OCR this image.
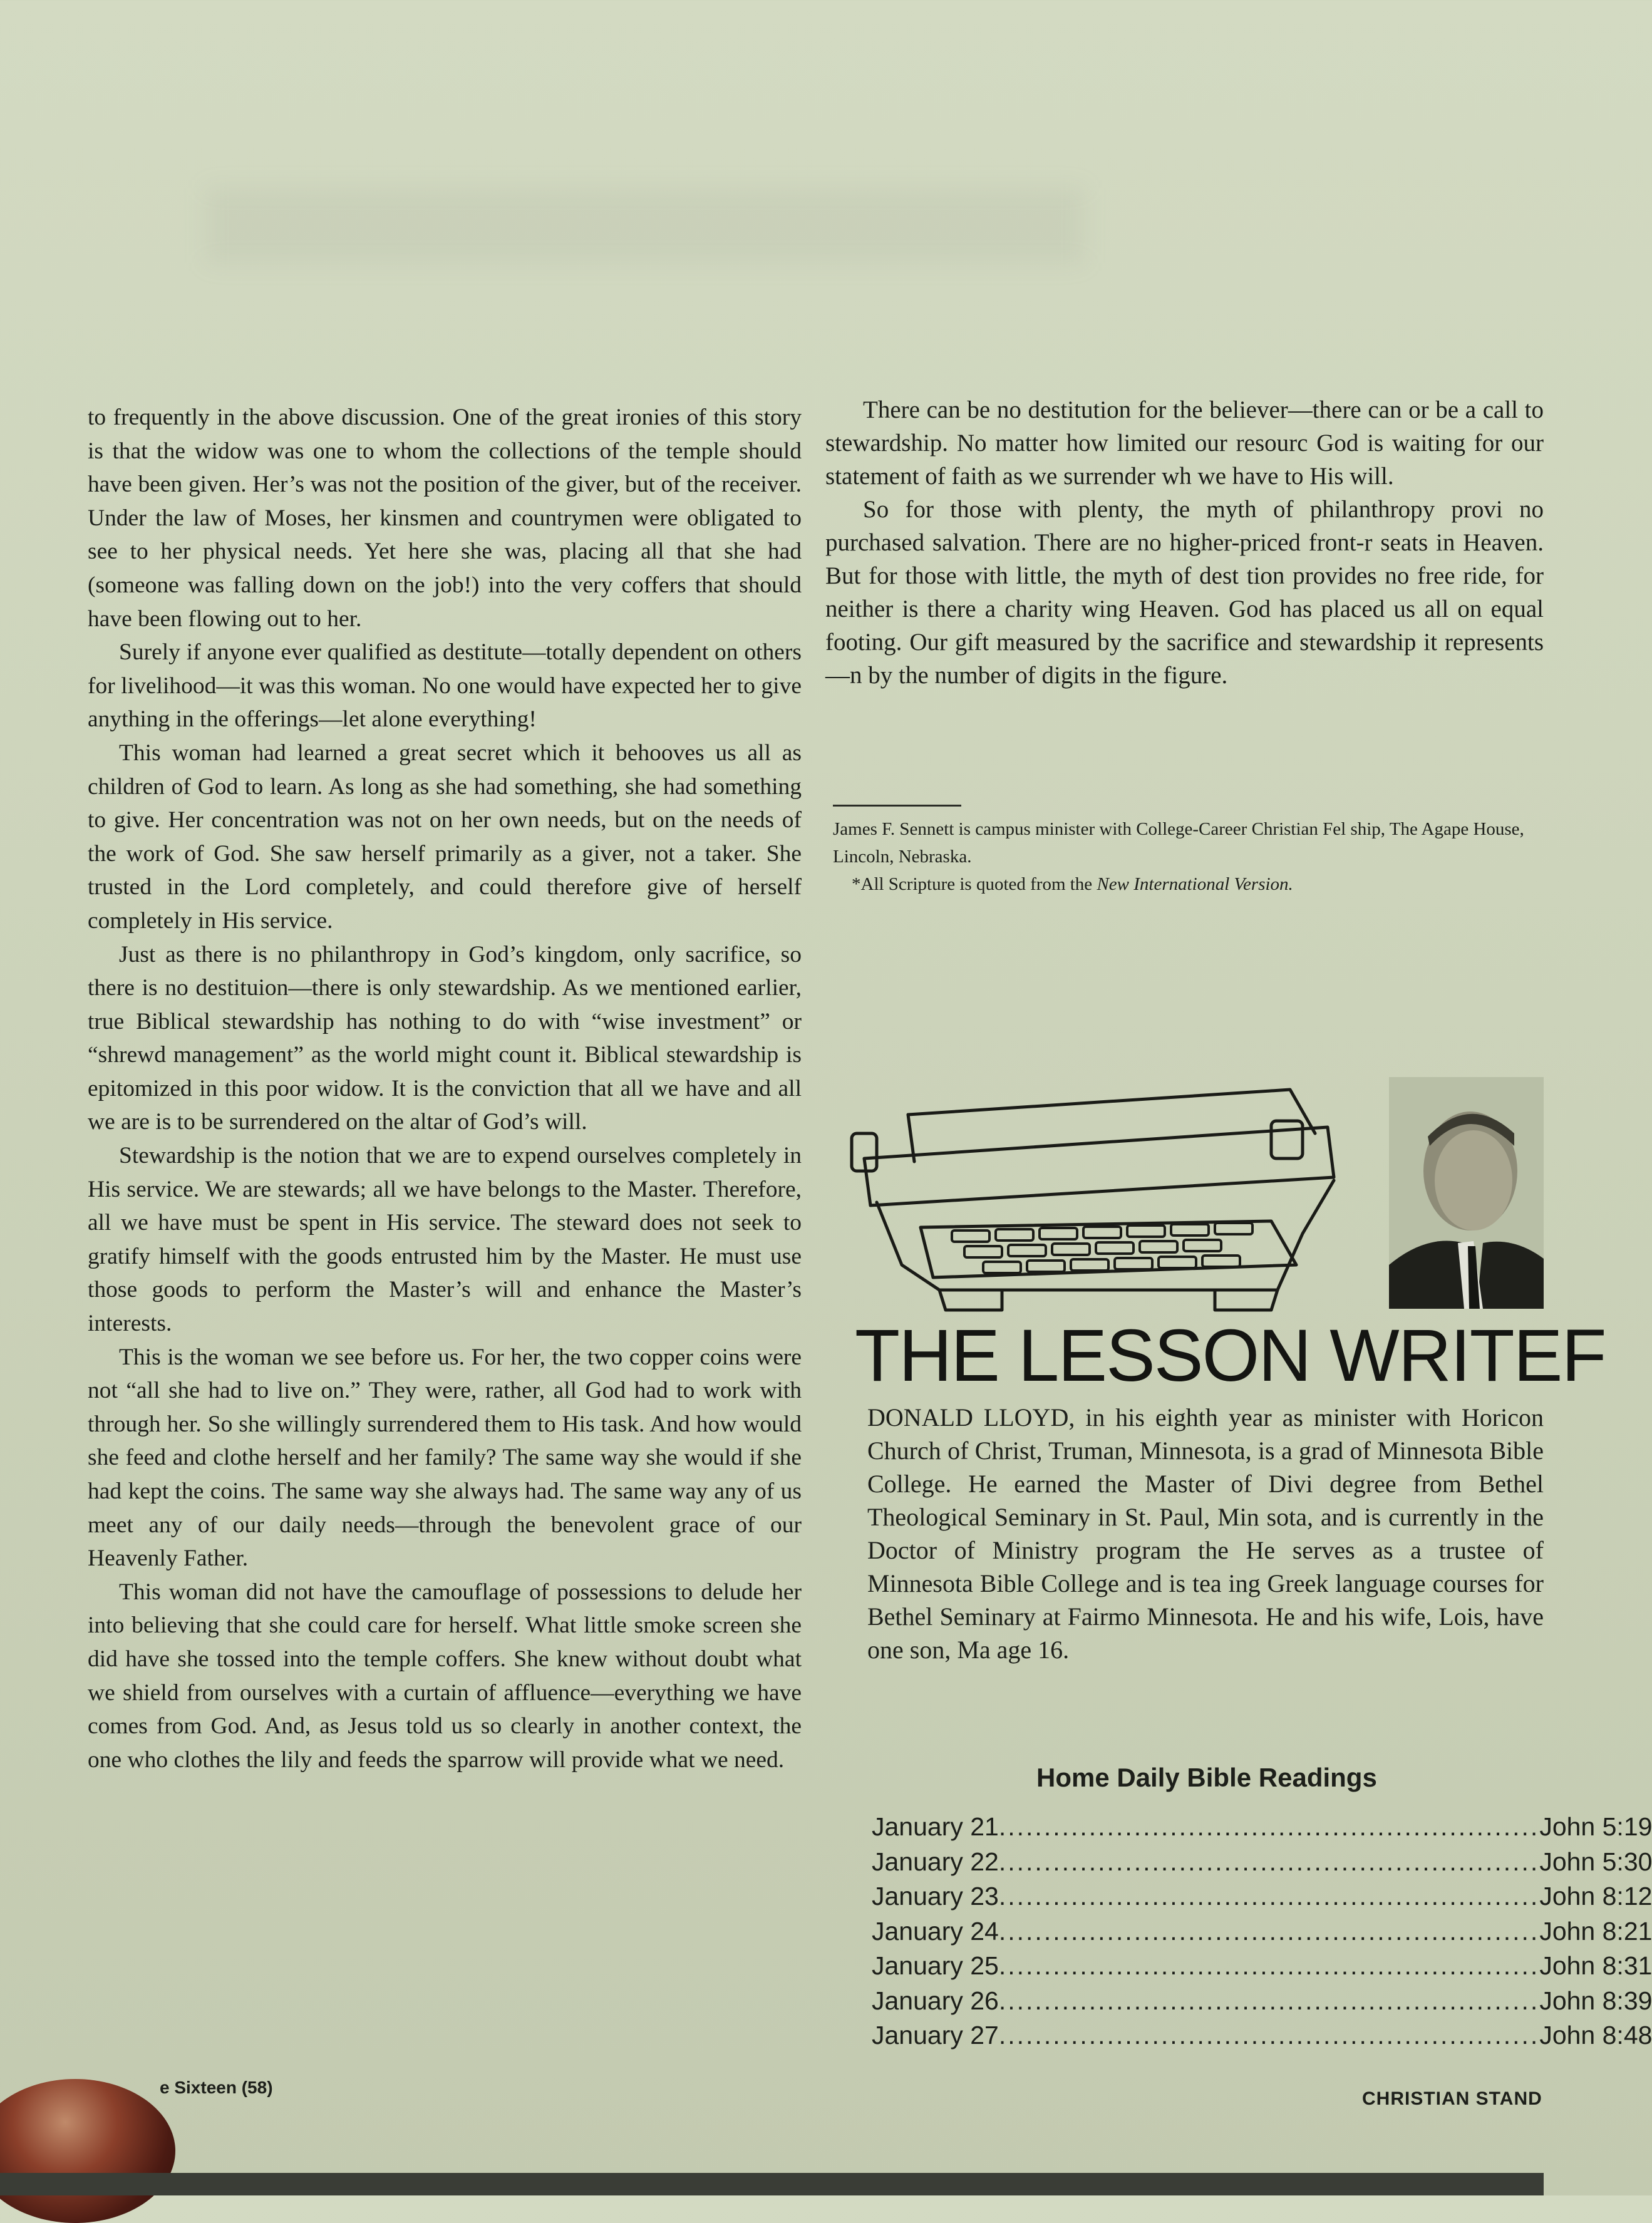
to frequently in the above discussion. One of the great ironies of this story is that the widow was one to whom the collections of the temple should have been given. Her’s was not the position of the giver, but of the receiver. Under the law of Moses, her kinsmen and countrymen were obligated to see to her physical needs. Yet here she was, placing all that she had (someone was falling down on the job!) into the very coffers that should have been flowing out to her.

Surely if anyone ever qualified as destitute—totally dependent on others for livelihood—it was this woman. No one would have expected her to give anything in the offerings—let alone everything!

This woman had learned a great secret which it behooves us all as children of God to learn. As long as she had something, she had something to give. Her concentration was not on her own needs, but on the needs of the work of God. She saw herself primarily as a giver, not a taker. She trusted in the Lord completely, and could therefore give of herself completely in His service.

Just as there is no philanthropy in God’s kingdom, only sacrifice, so there is no destituion—there is only stewardship. As we mentioned earlier, true Biblical stewardship has nothing to do with “wise investment” or “shrewd management” as the world might count it. Biblical stewardship is epitomized in this poor widow. It is the conviction that all we have and all we are is to be surrendered on the altar of God’s will.

Stewardship is the notion that we are to expend ourselves completely in His service. We are stewards; all we have belongs to the Master. Therefore, all we have must be spent in His service. The steward does not seek to gratify himself with the goods entrusted him by the Master. He must use those goods to perform the Master’s will and enhance the Master’s interests.

This is the woman we see before us. For her, the two copper coins were not “all she had to live on.” They were, rather, all God had to work with through her. So she willingly surrendered them to His task. And how would she feed and clothe herself and her family? The same way she would if she had kept the coins. The same way she always had. The same way any of us meet any of our daily needs—through the benevolent grace of our Heavenly Father.

This woman did not have the camouflage of possessions to delude her into believing that she could care for herself. What little smoke screen she did have she tossed into the temple coffers. She knew without doubt what we shield from ourselves with a curtain of affluence—everything we have comes from God. And, as Jesus told us so clearly in another context, the one who clothes the lily and feeds the sparrow will provide what we need.

There can be no destitution for the believer—there can or be a call to stewardship. No matter how limited our resourc God is waiting for our statement of faith as we surrender wh we have to His will.

So for those with plenty, the myth of philanthropy provi no purchased salvation. There are no higher-priced front-r seats in Heaven. But for those with little, the myth of dest tion provides no free ride, for neither is there a charity wing Heaven. God has placed us all on equal footing. Our gift measured by the sacrifice and stewardship it represents—n by the number of digits in the figure.

James F. Sennett is campus minister with College-Career Christian Fel ship, The Agape House, Lincoln, Nebraska.
*All Scripture is quoted from the New International Version.
THE LESSON WRITEF

DONALD LLOYD, in his eighth year as minister with Horicon Church of Christ, Truman, Minnesota, is a grad of Minnesota Bible College. He earned the Master of Divi degree from Bethel Theological Seminary in St. Paul, Min sota, and is currently in the Doctor of Ministry program the He serves as a trustee of Minnesota Bible College and is tea ing Greek language courses for Bethel Seminary at Fairmo Minnesota. He and his wife, Lois, have one son, Ma age 16.

Home Daily Bible Readings
January 21 ............................................................ John 5:19
January 22 ............................................................ John 5:30
January 23 ............................................................ John 8:12
January 24 ............................................................ John 8:21
January 25 ............................................................ John 8:31
January 26 ............................................................ John 8:39
January 27 ............................................................ John 8:48
e Sixteen (58)
CHRISTIAN STAND
